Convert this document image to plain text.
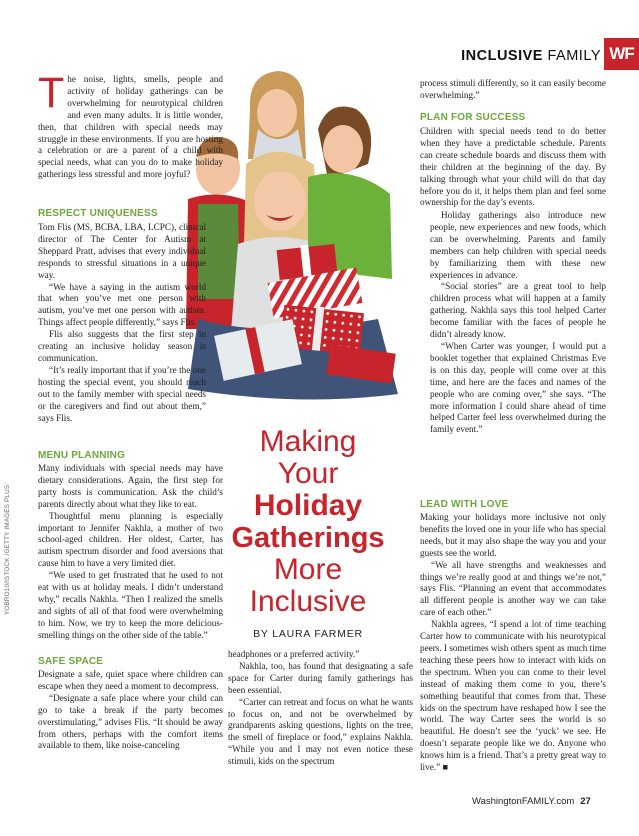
INCLUSIVE FAMILY WF
The noise, lights, smells, people and activity of holiday gatherings can be overwhelming for neurotypical children and even many adults. It is little wonder, then, that children with special needs may struggle in these environments. If you are hosting a celebration or are a parent of a child with special needs, what can you do to make holiday gatherings less stressful and more joyful?
RESPECT UNIQUENESS

Tom Flis (MS, BCBA, LBA, LCPC), clinical director of The Center for Autism at Sheppard Pratt, advises that every individual responds to stressful situations in a unique way.

“We have a saying in the autism world that when you’ve met one person with autism, you’ve met one person with autism. Things affect people differently,” says Flis.

Flis also suggests that the first step in creating an inclusive holiday season is communication.

“It’s really important that if you’re the one hosting the special event, you should reach out to the family member with special needs or the caregivers and find out about them,” says Flis.

MENU PLANNING

Many individuals with special needs may have dietary considerations. Again, the first step for party hosts is communication. Ask the child’s parents directly about what they like to eat.

Thoughtful menu planning is especially important to Jennifer Nakhla, a mother of two school-aged children. Her oldest, Carter, has autism spectrum disorder and food aversions that cause him to have a very limited diet.

“We used to get frustrated that he used to not eat with us at holiday meals. I didn’t understand why,” recalls Nakhla. “Then I realized the smells and sights of all of that food were overwhelming to him. Now, we try to keep the more delicious-smelling things on the other side of the table.”

SAFE SPACE

Designate a safe, quiet space where children can escape when they need a moment to decompress.

“Designate a safe place where your child can go to take a break if the party becomes overstimulating,” advises Flis. “It should be away from others, perhaps with the comfort items available to them, like noise-canceling

Making
Your
Holiday
Gatherings
More
Inclusive
BY LAURA FARMER

headphones or a preferred activity.”

Nakhla, too, has found that designating a safe space for Carter during family gatherings has been essential.

“Carter can retreat and focus on what he wants to focus on, and not be overwhelmed by grandparents asking questions, lights on the tree, the smell of fireplace or food,” explains Nakhla. “While you and I may not even notice these stimuli, kids on the spectrum

process stimuli differently, so it can easily become overwhelming.”

PLAN FOR SUCCESS

Children with special needs tend to do better when they have a predictable schedule. Parents can create schedule boards and discuss them with their children at the beginning of the day. By talking through what your child will do that day before you do it, it helps them plan and feel some ownership for the day’s events.

Holiday gatherings also introduce new people, new experiences and new foods, which can be overwhelming. Parents and family members can help children with special needs by familiarizing them with these new experiences in advance.

“Social stories” are a great tool to help children process what will happen at a family gathering. Nakhla says this tool helped Carter become familiar with the faces of people he didn’t already know.

“When Carter was younger, I would put a booklet together that explained Christmas Eve is on this day, people will come over at this time, and here are the faces and names of the people who are coming over,” she says. “The more information I could share ahead of time helped Carter feel less overwhelmed during the family event.”

LEAD WITH LOVE

Making your holidays more inclusive not only benefits the loved one in your life who has special needs, but it may also shape the way you and your guests see the world.

“We all have strengths and weaknesses and things we’re really good at and things we’re not,” says Flis. “Planning an event that accommodates all different people is another way we can take care of each other.”

Nakhla agrees, “I spend a lot of time teaching Carter how to communicate with his neurotypical peers. I sometimes wish others spent as much time teaching these peers how to interact with kids on the spectrum. When you can come to their level instead of making them come to you, there’s something beautiful that comes from that. These kids on the spectrum have reshaped how I see the world. The way Carter sees the world is so beautiful. He doesn’t see the ‘yuck’ we see. He doesn’t separate people like we do. Anyone who knows him is a friend. That’s a pretty great way to live.” ■

YOBRO10/ISTOCK /GETTY IMAGES PLUS
WashingtonFAMILY.com 27
